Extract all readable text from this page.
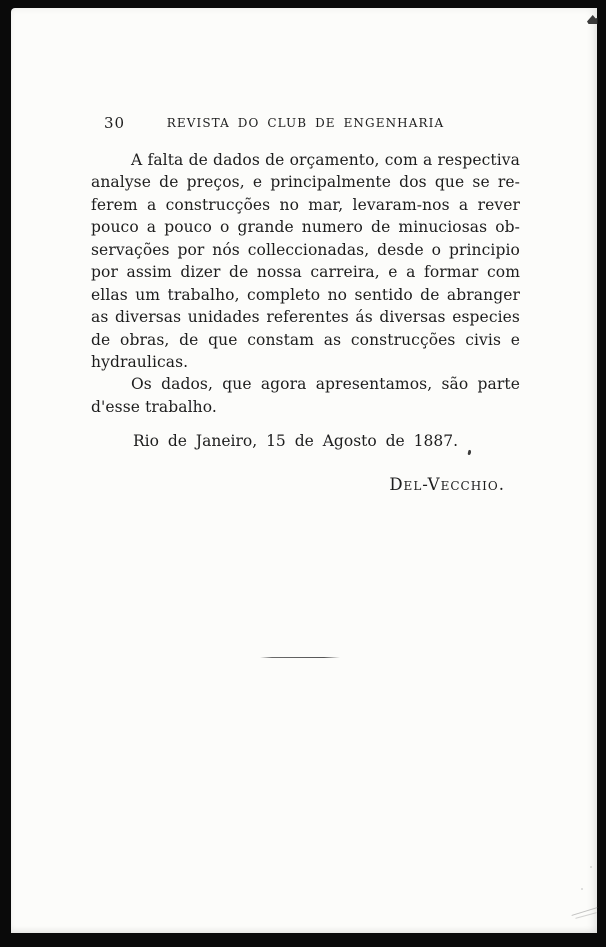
30	REVISTA DO CLUB DE ENGENHARIA
A falta de dados de orçamento, com a respectiva
analyse de preços, e principalmente dos que se re-
ferem a construcções no mar, levaram-nos a rever
pouco a pouco o grande numero de minuciosas ob-
servações por nós colleccionadas, desde o principio
por assim dizer de nossa carreira, e a formar com
ellas um trabalho, completo no sentido de abranger
as diversas unidades referentes ás diversas especies
de obras, de que constam as construcções civis e
hydraulicas.
Os dados, que agora apresentamos, são parte
d'esse trabalho.
Rio de Janeiro, 15 de Agosto de 1887.
Del-Vecchio.
